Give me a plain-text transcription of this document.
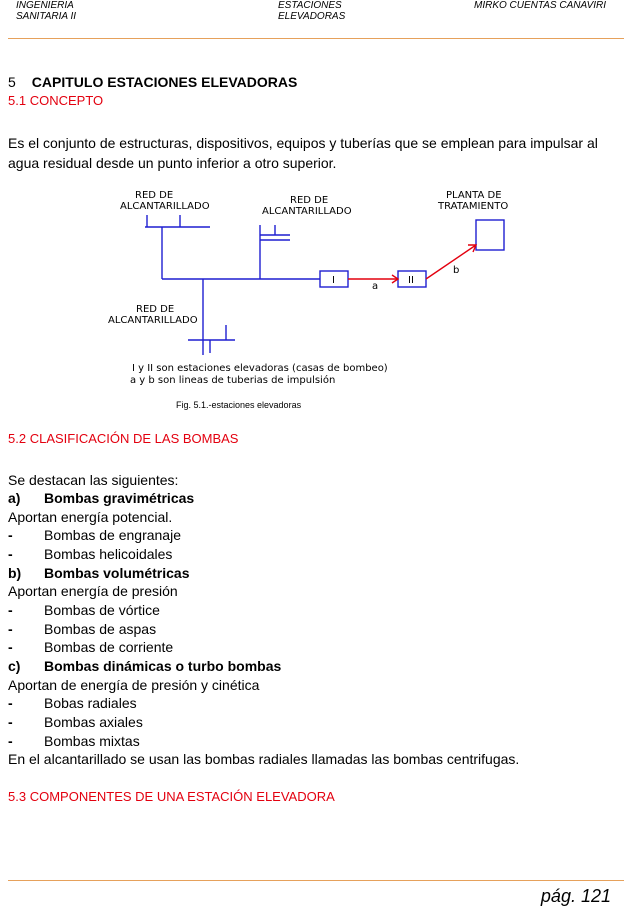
INGENIERIA
SANITARIA II
ESTACIONES
ELEVADORAS
MIRKO CUENTAS CANAVIRI
5 CAPITULO ESTACIONES ELEVADORAS
5.1 CONCEPTO
Es el conjunto de estructuras, dispositivos, equipos y tuberías que se emplean para impulsar al agua residual desde un punto inferior a otro superior.
RED DE
ALCANTARILLADO
RED DE
ALCANTARILLADO
PLANTA DE
TRATAMIENTO
RED DE
ALCANTARILLADO
I	II
a
b
I y II son estaciones elevadoras (casas de bombeo)
a y b son lineas de tuberias de impulsión
Fig. 5.1.-estaciones elevadoras
5.2 CLASIFICACIÓN DE LAS BOMBAS
Se destacan las siguientes:
a) Bombas gravimétricas
Aportan energía potencial.
- Bombas de engranaje
- Bombas helicoidales
b) Bombas volumétricas
Aportan energía de presión
- Bombas de vórtice
- Bombas de aspas
- Bombas de corriente
c) Bombas dinámicas o turbo bombas
Aportan de energía de presión y cinética
- Bobas radiales
- Bombas axiales
- Bombas mixtas
En el alcantarillado se usan las bombas radiales llamadas las bombas centrifugas.
5.3 COMPONENTES DE UNA ESTACIÓN ELEVADORA
pág. 121
